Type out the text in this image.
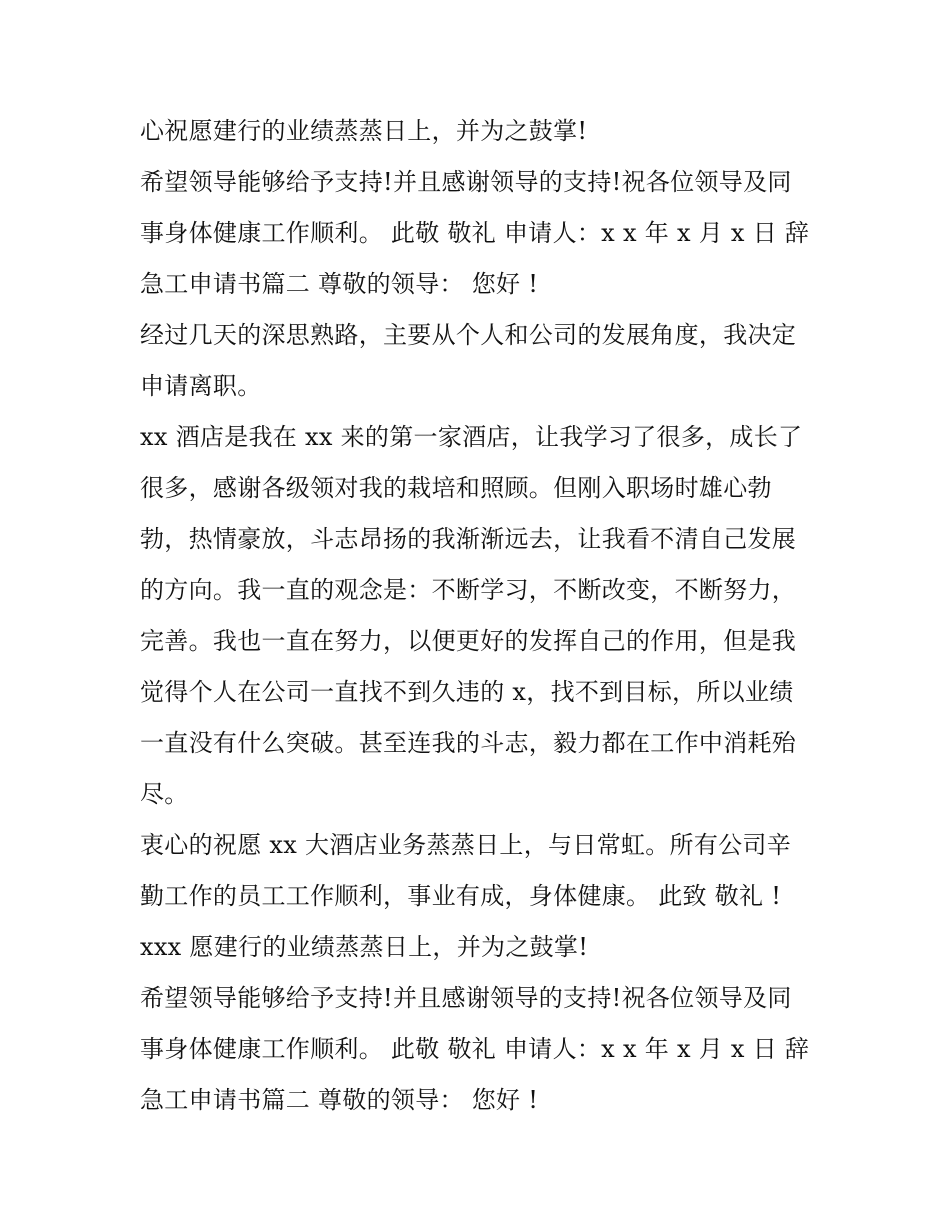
心祝愿建行的业绩蒸蒸日上，并为之鼓掌!
希望领导能够给予支持!并且感谢领导的支持!祝各位领导及同
事身体健康工作顺利。 此敬 敬礼 申请人：x x 年 x 月 x 日 辞
急工申请书篇二 尊敬的领导： 您好 !
经过几天的深思熟路，主要从个人和公司的发展角度，我决定
申请离职。
xx 酒店是我在 xx 来的第一家酒店，让我学习了很多，成长了
很多，感谢各级领对我的栽培和照顾。但刚入职场时雄心勃
勃，热情豪放，斗志昂扬的我渐渐远去，让我看不清自己发展
的方向。我一直的观念是：不断学习，不断改变，不断努力，
完善。我也一直在努力，以便更好的发挥自己的作用，但是我
觉得个人在公司一直找不到久违的 x，找不到目标，所以业绩
一直没有什么突破。甚至连我的斗志，毅力都在工作中消耗殆
尽。
衷心的祝愿 xx 大酒店业务蒸蒸日上，与日常虹。所有公司辛
勤工作的员工工作顺利，事业有成，身体健康。 此致 敬礼 !
xxx 愿建行的业绩蒸蒸日上，并为之鼓掌!
希望领导能够给予支持!并且感谢领导的支持!祝各位领导及同
事身体健康工作顺利。 此敬 敬礼 申请人：x x 年 x 月 x 日 辞
急工申请书篇二 尊敬的领导： 您好 !
